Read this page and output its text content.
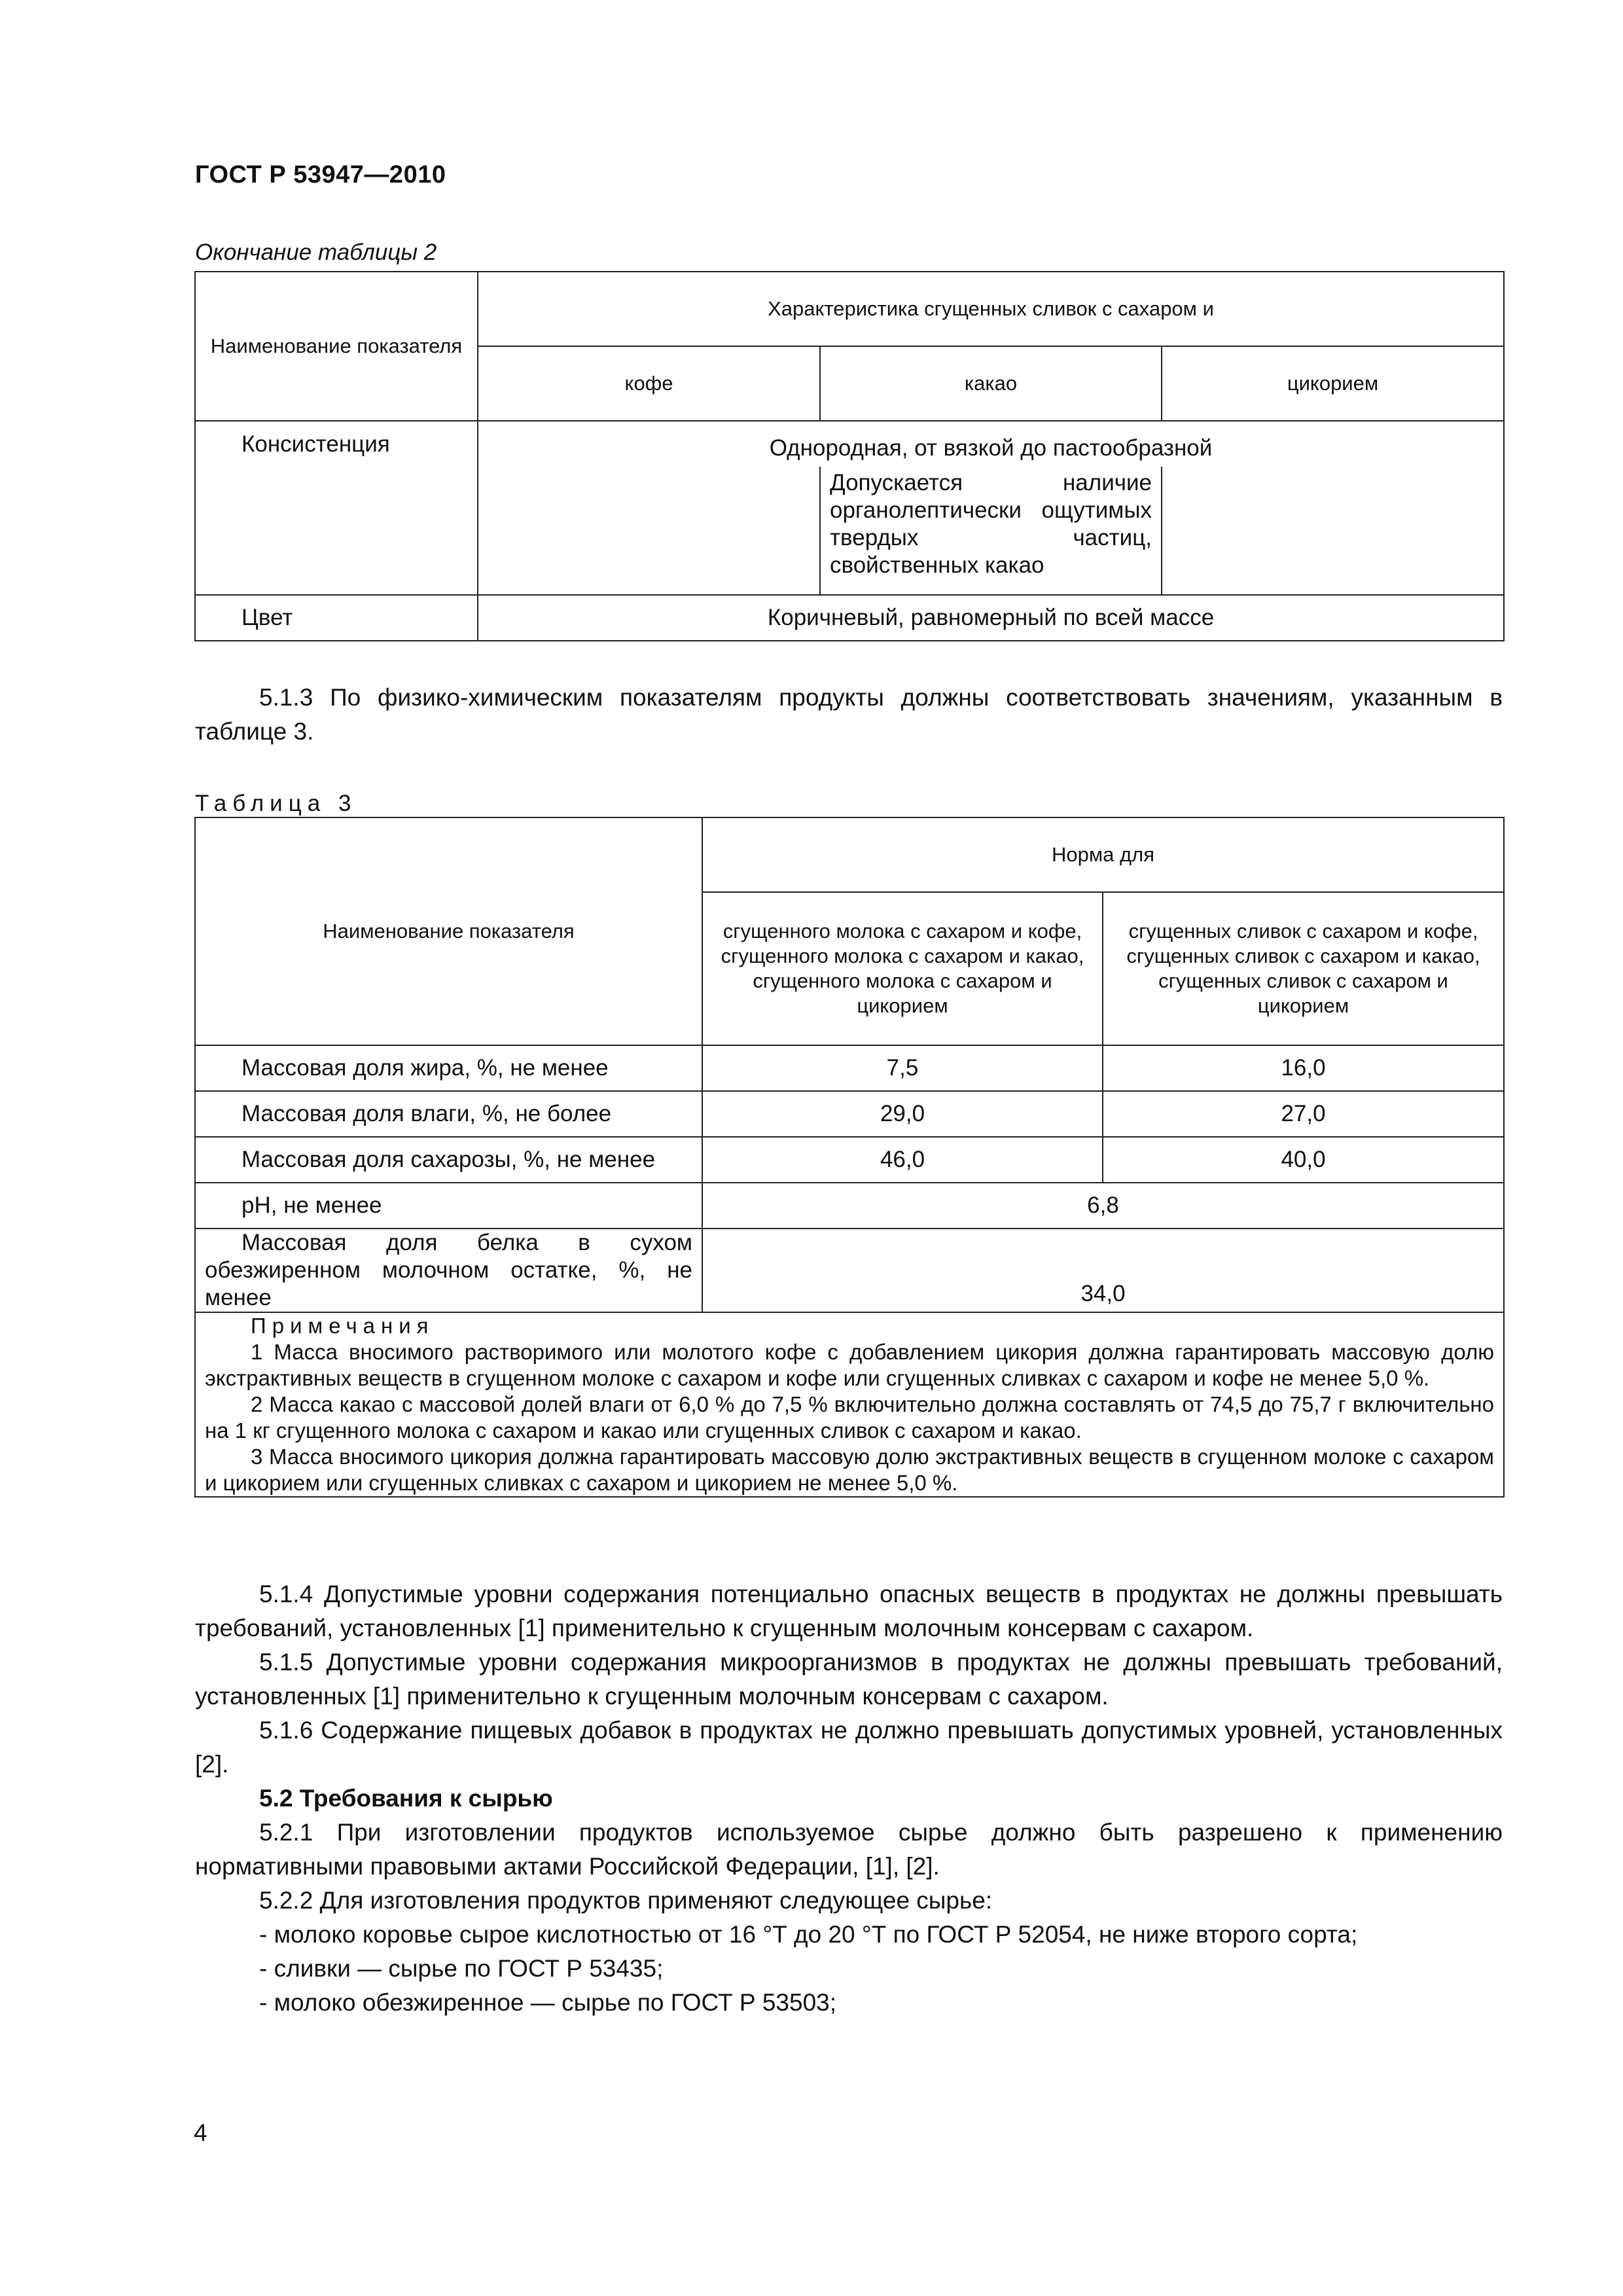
ГОСТ Р 53947—2010
Окончание таблицы 2
Наименование показателя	Характеристика сгущенных сливок с сахаром и		
	кофе	какао	цикорием
Консистенция	Однородная, от вязкой до пастообразной		
		Допускается наличие органолептически ощутимых твердых частиц, свойственных какао	
Цвет	Коричневый, равномерный по всей массе		

5.1.3 По физико-химическим показателям продукты должны соответствовать значениям, указанным в таблице 3.

Таблица 3
Наименование показателя	Норма для	
	сгущенного молока с сахаром и кофе, сгущенного молока с сахаром и какао, сгущенного молока с сахаром и цикорием	сгущенных сливок с сахаром и кофе, сгущенных сливок с сахаром и какао, сгущенных сливок с сахаром и цикорием
Массовая доля жира, %, не менее	7,5	16,0
Массовая доля влаги, %, не более	29,0	27,0
Массовая доля сахарозы, %, не менее	46,0	40,0
рН, не менее	6,8	
Массовая доля белка в сухом обезжиренном молочном остатке, %, не менее	34,0	

Примечания

1 Масса вносимого растворимого или молотого кофе с добавлением цикория должна гарантировать массовую долю экстрактивных веществ в сгущенном молоке с сахаром и кофе или сгущенных сливках с сахаром и кофе не менее 5,0 %.

2 Масса какао с массовой долей влаги от 6,0 % до 7,5 % включительно должна составлять от 74,5 до 75,7 г включительно на 1 кг сгущенного молока с сахаром и какао или сгущенных сливок с сахаром и какао.

3 Масса вносимого цикория должна гарантировать массовую долю экстрактивных веществ в сгущенном молоке с сахаром и цикорием или сгущенных сливках с сахаром и цикорием не менее 5,0 %.		

5.1.4 Допустимые уровни содержания потенциально опасных веществ в продуктах не должны превышать требований, установленных [1] применительно к сгущенным молочным консервам с сахаром.

5.1.5 Допустимые уровни содержания микроорганизмов в продуктах не должны превышать требований, установленных [1] применительно к сгущенным молочным консервам с сахаром.

5.1.6 Содержание пищевых добавок в продуктах не должно превышать допустимых уровней, установленных [2].

5.2 Требования к сырью

5.2.1 При изготовлении продуктов используемое сырье должно быть разрешено к применению нормативными правовыми актами Российской Федерации, [1], [2].

5.2.2 Для изготовления продуктов применяют следующее сырье:

- молоко коровье сырое кислотностью от 16 °Т до 20 °Т по ГОСТ Р 52054, не ниже второго сорта;

- сливки — сырье по ГОСТ Р 53435;

- молоко обезжиренное — сырье по ГОСТ Р 53503;

4
